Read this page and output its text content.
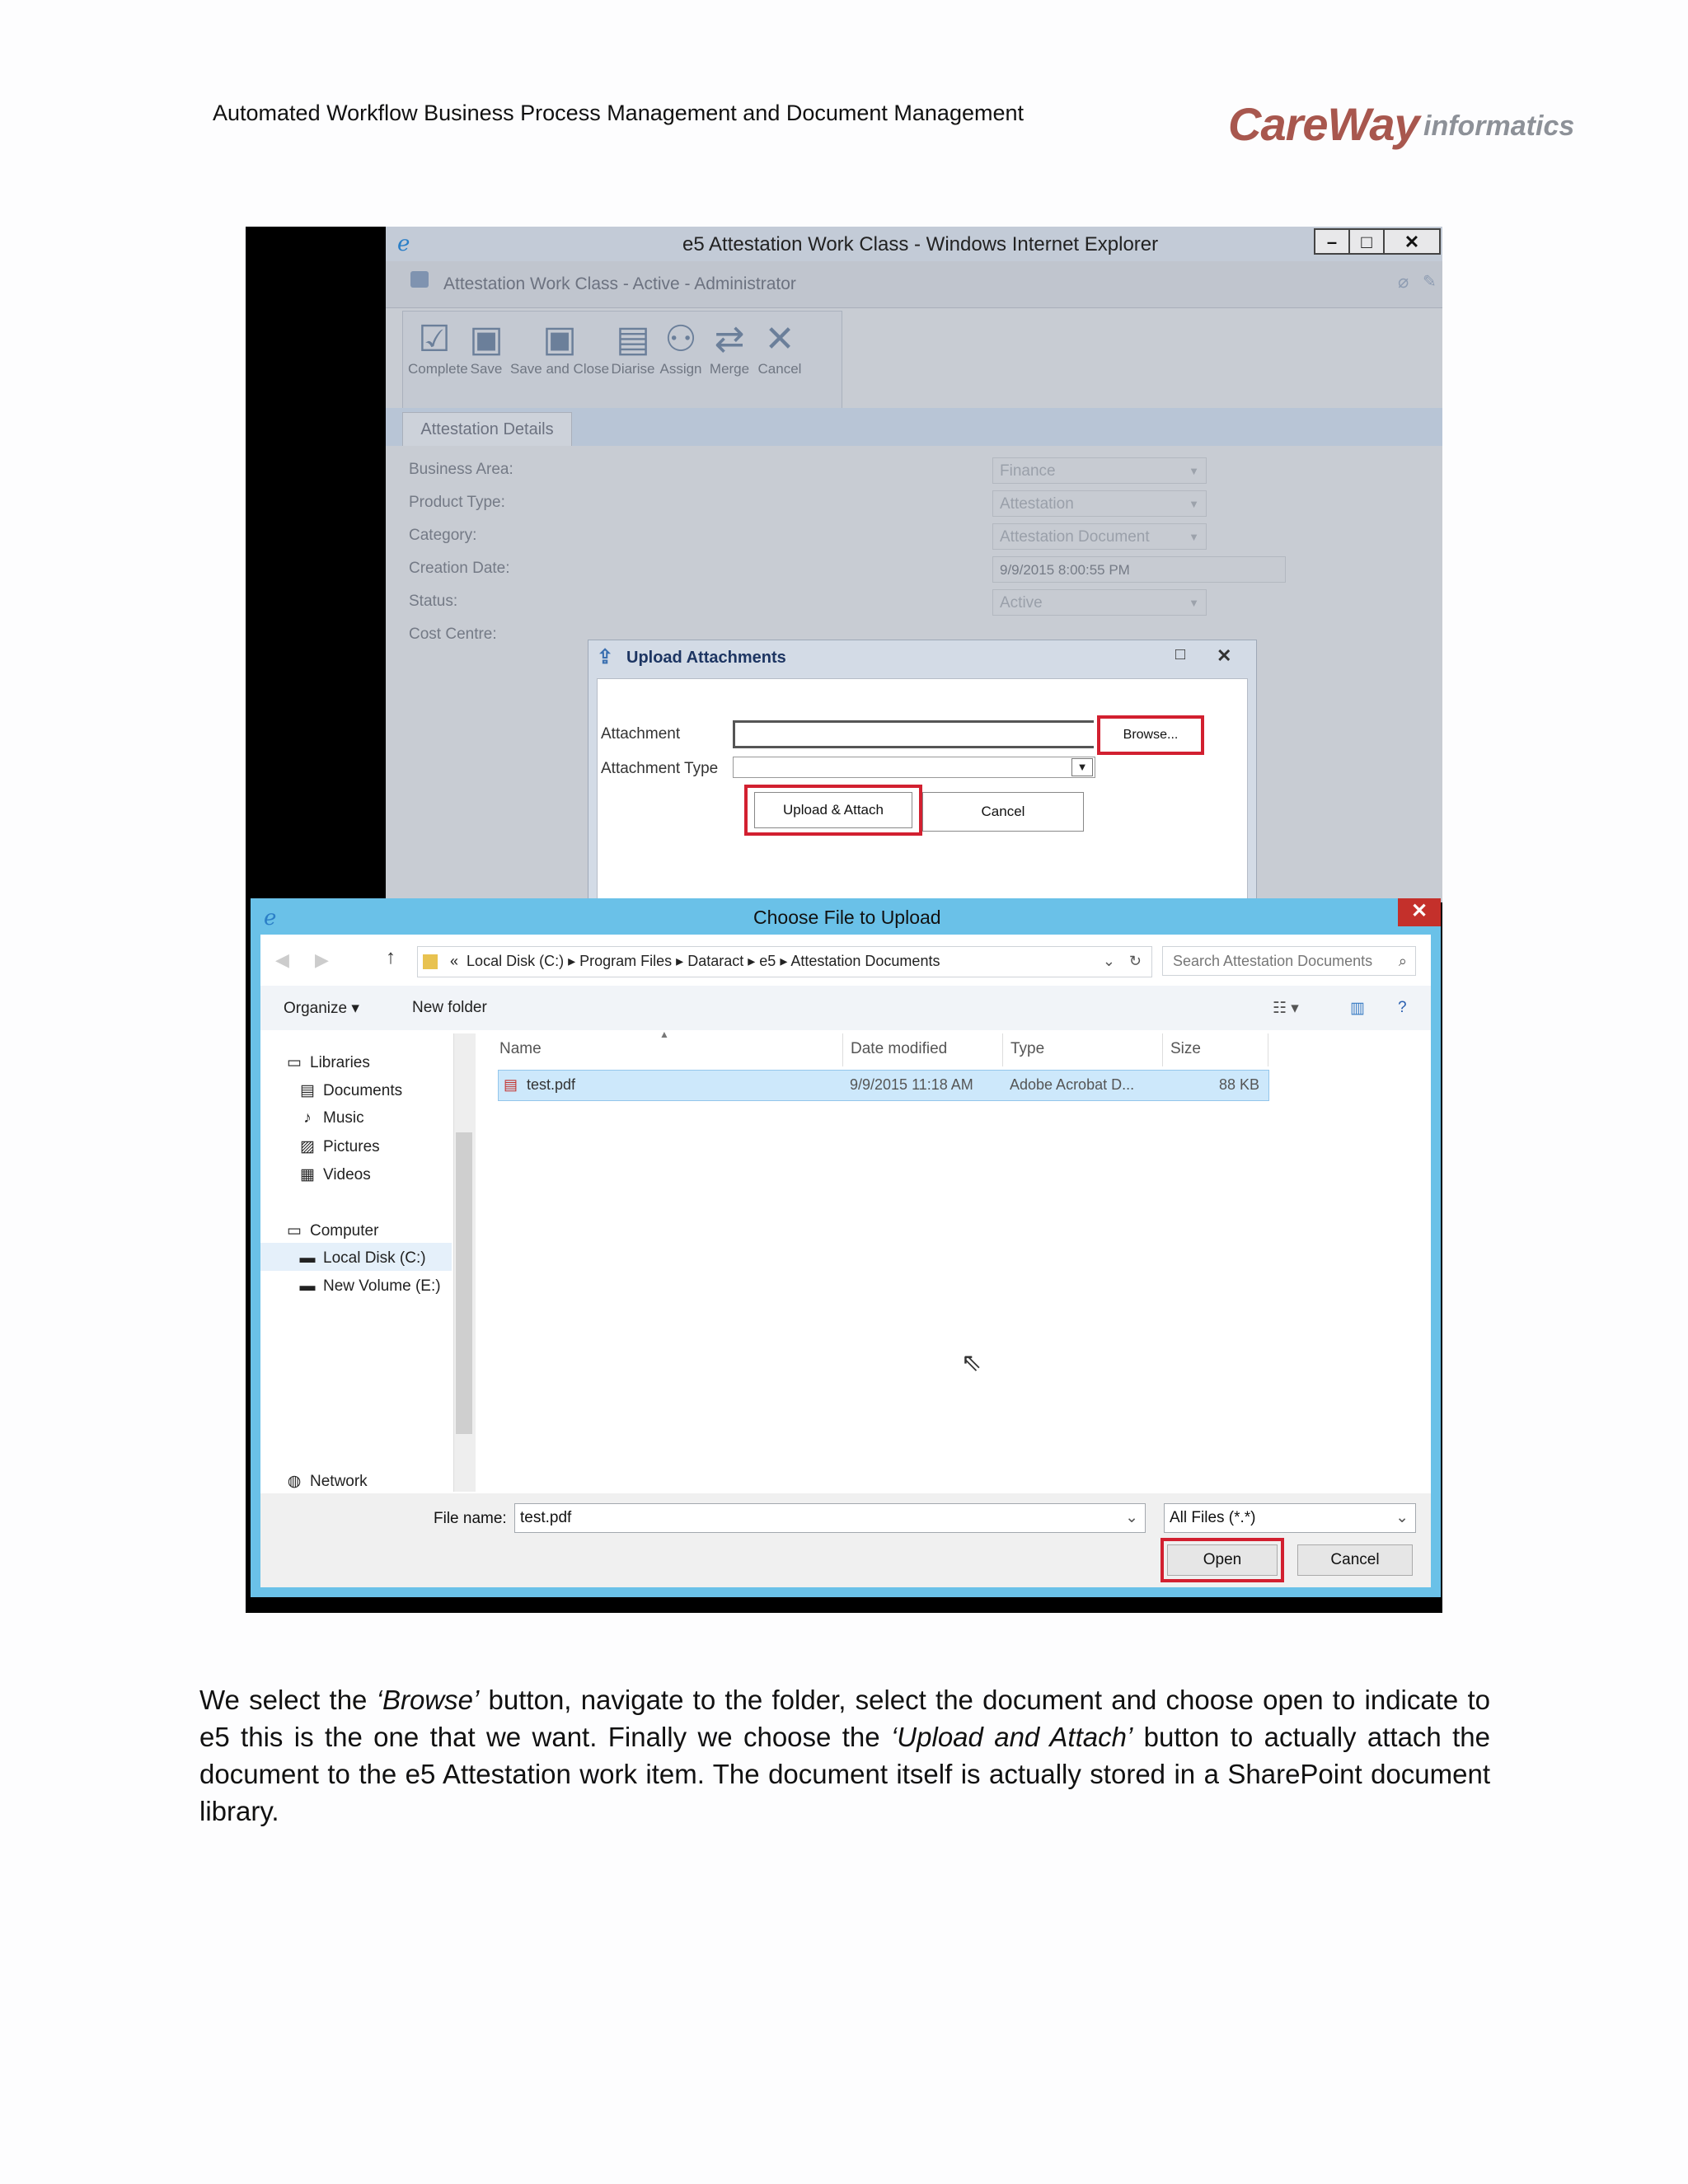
Automated Workflow Business Process Management and Document Management	CareWay informatics
ℯ	e5 Attestation Work Class - Windows Internet Explorer	–	□	✕
Attestation Work Class - Active - Administrator	⌀ ✎
☑
Complete
▣
Save
▣
Save and Close
▤
Diarise
⚇
Assign
⇄
Merge
✕
Cancel
Attestation Details
Business Area:	Finance	▼
Product Type:	Attestation	▼
Category:	Attestation Document	▼
Creation Date:	9/9/2015 8:00:55 PM
Status:	Active	▼
Cost Centre:
⇪ Upload Attachments	□ ✕
Attachment	Browse...
Attachment Type	▼
Upload & Attach	Cancel
ℯ	Choose File to Upload	✕
◀ ▶	↑	« Local Disk (C:) ▸ Program Files ▸ Dataract ▸ e5 ▸ Attestation Documents	⌄ ↻	Search Attestation Documents ⌕
Organize ▾	New folder	☷ ▾	▥ ?
▭ Libraries
▤ Documents
♪ Music
▨ Pictures
▦ Videos
▭ Computer
▬ Local Disk (C:)
▬ New Volume (E:)
◍ Network
Name
▲
Date modified	Type	Size
▤ test.pdf	9/9/2015 11:18 AM Adobe Acrobat D...	88 KB
⇖
File name: test.pdf	⌄	All Files (*.*)	⌄
Open	Cancel
We select the ‘Browse’ button, navigate to the folder, select the document and choose open to indicate to e5 this is the one that we want. Finally we choose the ‘Upload and Attach’ button to actually attach the document to the e5 Attestation work item. The document itself is actually stored in a SharePoint document library.
